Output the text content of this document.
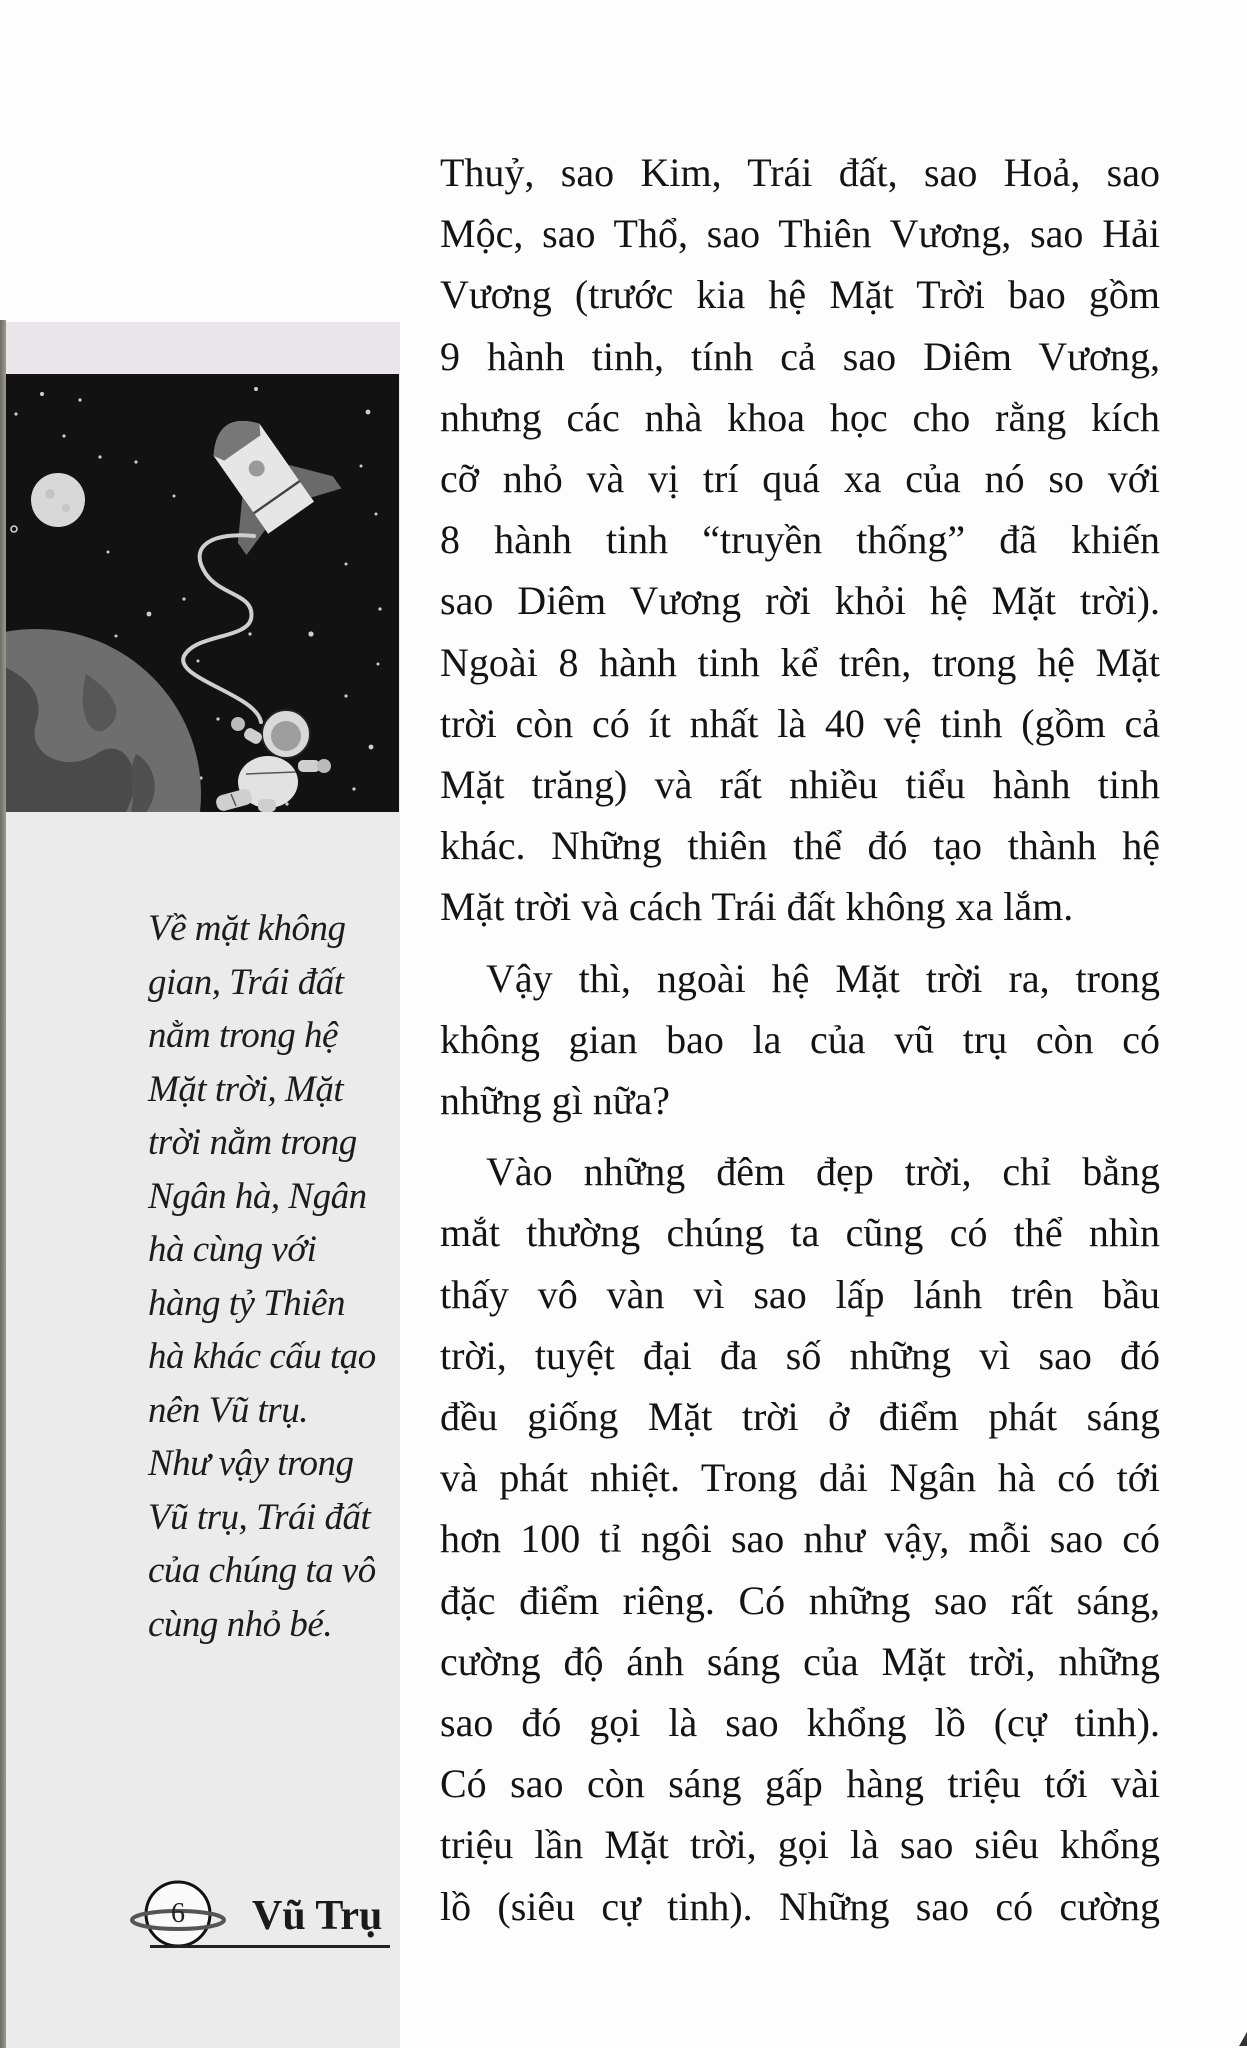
Về mặt không
gian, Trái đất
nằm trong hệ
Mặt trời, Mặt
trời nằm trong
Ngân hà, Ngân
hà cùng với
hàng tỷ Thiên
hà khác cấu tạo
nên Vũ trụ.
Như vậy trong
Vũ trụ, Trái đất
của chúng ta vô
cùng nhỏ bé.
6	Vũ Trụ
Thuỷ, sao Kim, Trái đất, sao Hoả, sao
Mộc, sao Thổ, sao Thiên Vương, sao Hải
Vương (trước kia hệ Mặt Trời bao gồm
9 hành tinh, tính cả sao Diêm Vương,
nhưng các nhà khoa học cho rằng kích
cỡ nhỏ và vị trí quá xa của nó so với
8 hành tinh “truyền thống” đã khiến
sao Diêm Vương rời khỏi hệ Mặt trời).
Ngoài 8 hành tinh kể trên, trong hệ Mặt
trời còn có ít nhất là 40 vệ tinh (gồm cả
Mặt trăng) và rất nhiều tiểu hành tinh
khác. Những thiên thể đó tạo thành hệ
Mặt trời và cách Trái đất không xa lắm.
Vậy thì, ngoài hệ Mặt trời ra, trong
không gian bao la của vũ trụ còn có
những gì nữa?
Vào những đêm đẹp trời, chỉ bằng
mắt thường chúng ta cũng có thể nhìn
thấy vô vàn vì sao lấp lánh trên bầu
trời, tuyệt đại đa số những vì sao đó
đều giống Mặt trời ở điểm phát sáng
và phát nhiệt. Trong dải Ngân hà có tới
hơn 100 tỉ ngôi sao như vậy, mỗi sao có
đặc điểm riêng. Có những sao rất sáng,
cường độ ánh sáng của Mặt trời, những
sao đó gọi là sao khổng lồ (cự tinh).
Có sao còn sáng gấp hàng triệu tới vài
triệu lần Mặt trời, gọi là sao siêu khổng
lồ (siêu cự tinh). Những sao có cường
